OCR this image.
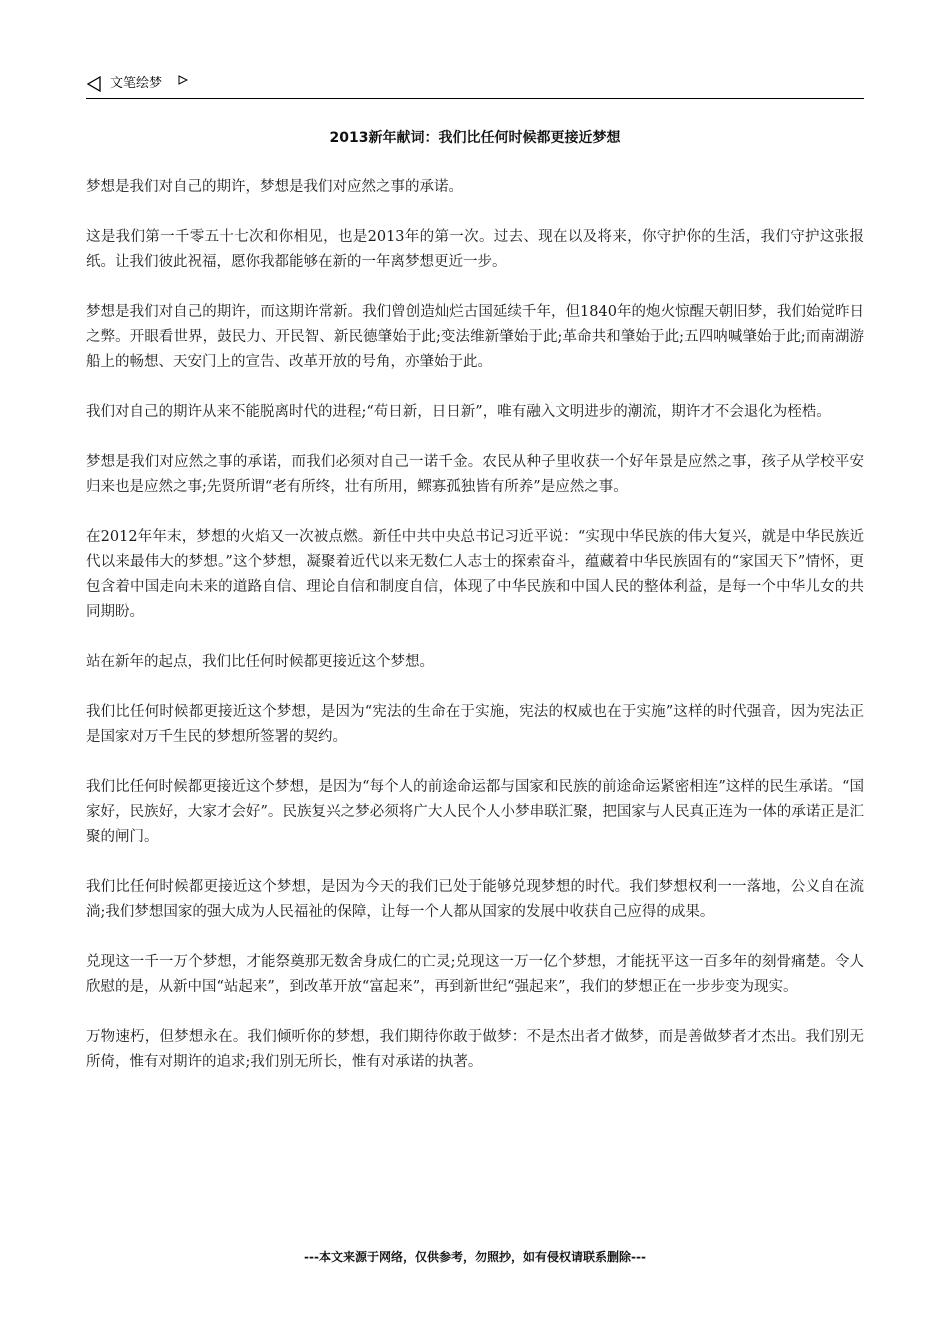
文笔绘梦
2013新年献词：我们比任何时候都更接近梦想

梦想是我们对自己的期许，梦想是我们对应然之事的承诺。

这是我们第一千零五十七次和你相见，也是2013年的第一次。过去、现在以及将来，你守护你的生活，我们守护这张报纸。让我们彼此祝福，愿你我都能够在新的一年离梦想更近一步。

梦想是我们对自己的期许，而这期许常新。我们曾创造灿烂古国延续千年，但1840年的炮火惊醒天朝旧梦，我们始觉昨日之弊。开眼看世界，鼓民力、开民智、新民德肇始于此;变法维新肇始于此;革命共和肇始于此;五四呐喊肇始于此;而南湖游船上的畅想、天安门上的宣告、改革开放的号角，亦肇始于此。

我们对自己的期许从来不能脱离时代的进程;“苟日新，日日新”，唯有融入文明进步的潮流，期许才不会退化为桎梏。

梦想是我们对应然之事的承诺，而我们必须对自己一诺千金。农民从种子里收获一个好年景是应然之事，孩子从学校平安归来也是应然之事;先贤所谓“老有所终，壮有所用，鳏寡孤独皆有所养”是应然之事。

在2012年年末，梦想的火焰又一次被点燃。新任中共中央总书记习近平说：“实现中华民族的伟大复兴，就是中华民族近代以来最伟大的梦想。”这个梦想，凝聚着近代以来无数仁人志士的探索奋斗，蕴藏着中华民族固有的“家国天下”情怀，更包含着中国走向未来的道路自信、理论自信和制度自信，体现了中华民族和中国人民的整体利益，是每一个中华儿女的共同期盼。

站在新年的起点，我们比任何时候都更接近这个梦想。

我们比任何时候都更接近这个梦想，是因为“宪法的生命在于实施，宪法的权威也在于实施”这样的时代强音，因为宪法正是国家对万千生民的梦想所签署的契约。

我们比任何时候都更接近这个梦想，是因为“每个人的前途命运都与国家和民族的前途命运紧密相连”这样的民生承诺。“国家好，民族好，大家才会好”。民族复兴之梦必须将广大人民个人小梦串联汇聚，把国家与人民真正连为一体的承诺正是汇聚的闸门。

我们比任何时候都更接近这个梦想，是因为今天的我们已处于能够兑现梦想的时代。我们梦想权利一一落地，公义自在流淌;我们梦想国家的强大成为人民福祉的保障，让每一个人都从国家的发展中收获自己应得的成果。

兑现这一千一万个梦想，才能祭奠那无数舍身成仁的亡灵;兑现这一万一亿个梦想，才能抚平这一百多年的刻骨痛楚。令人欣慰的是，从新中国“站起来”，到改革开放“富起来”，再到新世纪“强起来”，我们的梦想正在一步步变为现实。

万物速朽，但梦想永在。我们倾听你的梦想，我们期待你敢于做梦：不是杰出者才做梦，而是善做梦者才杰出。我们别无所倚，惟有对期许的追求;我们别无所长，惟有对承诺的执著。

---本文来源于网络，仅供参考，勿照抄，如有侵权请联系删除---
